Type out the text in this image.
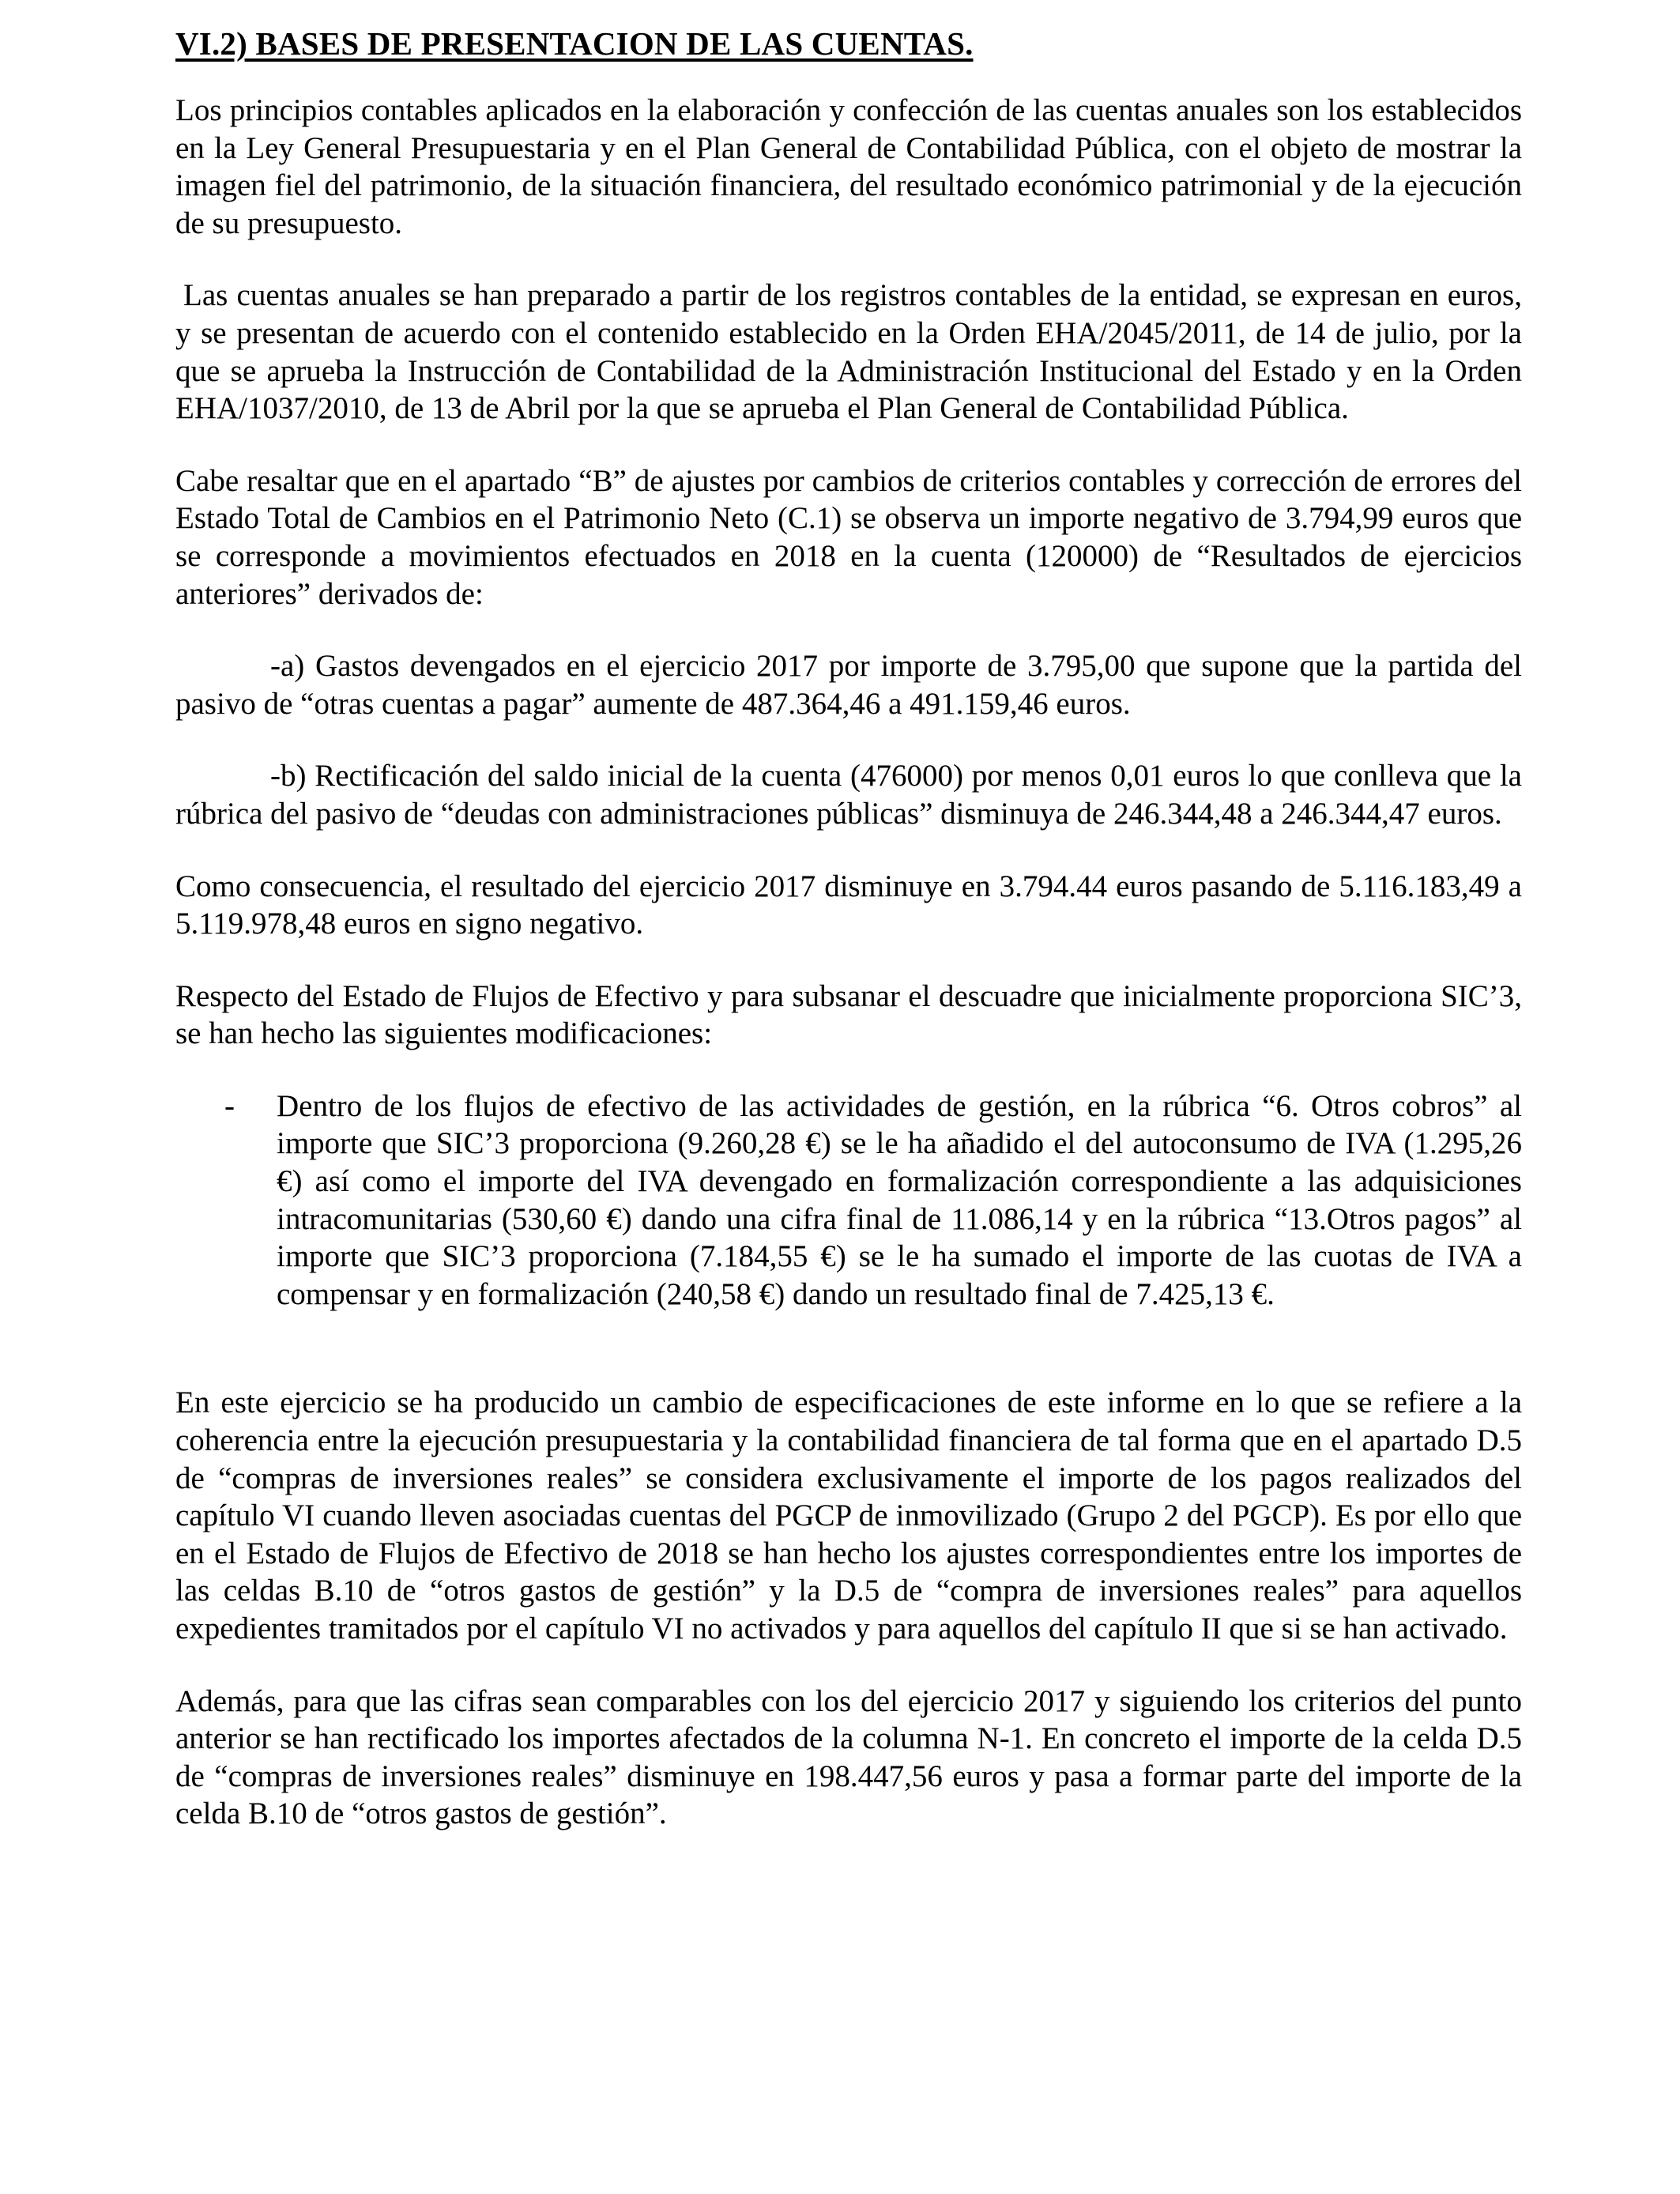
VI.2) BASES DE PRESENTACION DE LAS CUENTAS.

Los principios contables aplicados en la elaboración y confección de las cuentas anuales son los establecidos en la Ley General Presupuestaria y en el Plan General de Contabilidad Pública, con el objeto de mostrar la imagen fiel del patrimonio, de la situación financiera, del resultado económico patrimonial y de la ejecución de su presupuesto.

Las cuentas anuales se han preparado a partir de los registros contables de la entidad, se expresan en euros, y se presentan de acuerdo con el contenido establecido en la Orden EHA/2045/2011, de 14 de julio, por la que se aprueba la Instrucción de Contabilidad de la Administración Institucional del Estado y en la Orden EHA/1037/2010, de 13 de Abril por la que se aprueba el Plan General de Contabilidad Pública.

Cabe resaltar que en el apartado “B” de ajustes por cambios de criterios contables y corrección de errores del Estado Total de Cambios en el Patrimonio Neto (C.1) se observa un importe negativo de 3.794,99 euros que se corresponde a movimientos efectuados en 2018 en la cuenta (120000) de “Resultados de ejercicios anteriores” derivados de:

-a) Gastos devengados en el ejercicio 2017 por importe de 3.795,00 que supone que la partida del pasivo de “otras cuentas a pagar” aumente de 487.364,46 a 491.159,46 euros.

-b) Rectificación del saldo inicial de la cuenta (476000) por menos 0,01 euros lo que conlleva que la rúbrica del pasivo de “deudas con administraciones públicas” disminuya de 246.344,48 a 246.344,47 euros.

Como consecuencia, el resultado del ejercicio 2017 disminuye en 3.794.44 euros pasando de 5.116.183,49 a 5.119.978,48 euros en signo negativo.

Respecto del Estado de Flujos de Efectivo y para subsanar el descuadre que inicialmente proporciona SIC’3, se han hecho las siguientes modificaciones:

- Dentro de los flujos de efectivo de las actividades de gestión, en la rúbrica “6. Otros cobros” al importe que SIC’3 proporciona (9.260,28 €) se le ha añadido el del autoconsumo de IVA (1.295,26 €) así como el importe del IVA devengado en formalización correspondiente a las adquisiciones intracomunitarias (530,60 €) dando una cifra final de 11.086,14 y en la rúbrica “13.Otros pagos” al importe que SIC’3 proporciona (7.184,55 €) se le ha sumado el importe de las cuotas de IVA a compensar y en formalización (240,58 €) dando un resultado final de 7.425,13 €.

En este ejercicio se ha producido un cambio de especificaciones de este informe en lo que se refiere a la coherencia entre la ejecución presupuestaria y la contabilidad financiera de tal forma que en el apartado D.5 de “compras de inversiones reales” se considera exclusivamente el importe de los pagos realizados del capítulo VI cuando lleven asociadas cuentas del PGCP de inmovilizado (Grupo 2 del PGCP). Es por ello que en el Estado de Flujos de Efectivo de 2018 se han hecho los ajustes correspondientes entre los importes de las celdas B.10 de “otros gastos de gestión” y la D.5 de “compra de inversiones reales” para aquellos expedientes tramitados por el capítulo VI no activados y para aquellos del capítulo II que si se han activado.

Además, para que las cifras sean comparables con los del ejercicio 2017 y siguiendo los criterios del punto anterior se han rectificado los importes afectados de la columna N-1. En concreto el importe de la celda D.5 de “compras de inversiones reales” disminuye en 198.447,56 euros y pasa a formar parte del importe de la celda B.10 de “otros gastos de gestión”.
